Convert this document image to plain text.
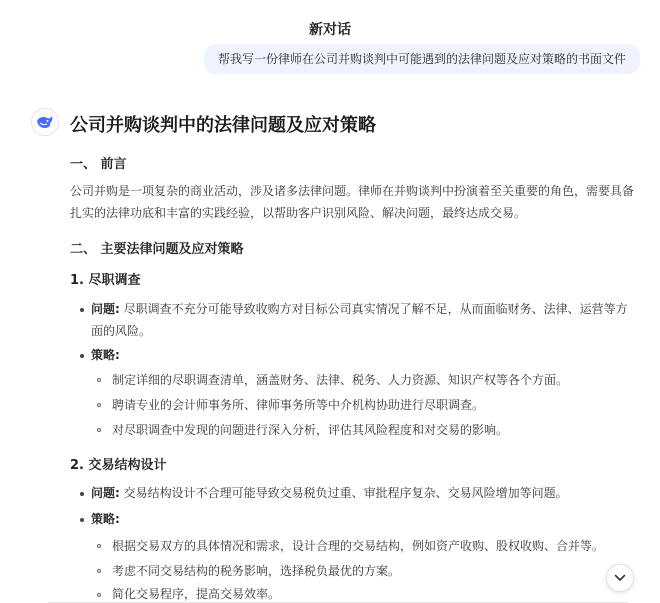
新对话
帮我写一份律师在公司并购谈判中可能遇到的法律问题及应对策略的书面文件
公司并购谈判中的法律问题及应对策略
一、 前言
公司并购是一项复杂的商业活动，涉及诸多法律问题。律师在并购谈判中扮演着至关重要的角色，需要具备扎实的法律功底和丰富的实践经验，以帮助客户识别风险、解决问题，最终达成交易。
二、 主要法律问题及应对策略
1. 尽职调查
问题: 尽职调查不充分可能导致收购方对目标公司真实情况了解不足，从而面临财务、法律、运营等方面的风险。
策略:
制定详细的尽职调查清单，涵盖财务、法律、税务、人力资源、知识产权等各个方面。
聘请专业的会计师事务所、律师事务所等中介机构协助进行尽职调查。
对尽职调查中发现的问题进行深入分析，评估其风险程度和对交易的影响。
2. 交易结构设计
问题: 交易结构设计不合理可能导致交易税负过重、审批程序复杂、交易风险增加等问题。
策略:
根据交易双方的具体情况和需求，设计合理的交易结构，例如资产收购、股权收购、合并等。
考虑不同交易结构的税务影响，选择税负最优的方案。
简化交易程序，提高交易效率。
